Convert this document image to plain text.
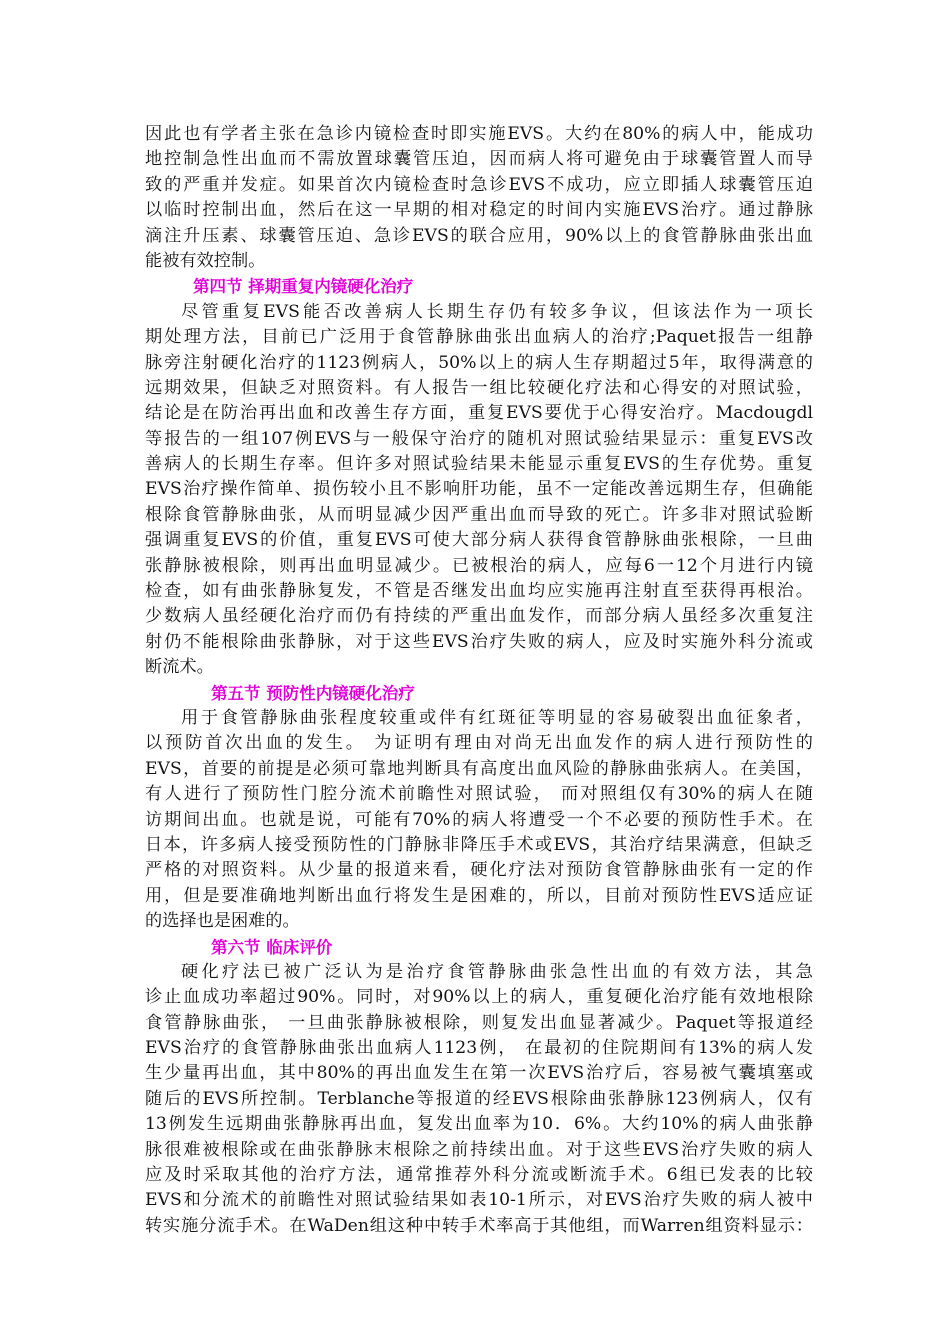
因此也有学者主张在急诊内镜检查时即实施EVS。大约在80%的病人中，能成功
地控制急性出血而不需放置球囊管压迫，因而病人将可避免由于球囊管置人而导
致的严重并发症。如果首次内镜检查时急诊EVS不成功，应立即插人球囊管压迫
以临时控制出血，然后在这一早期的相对稳定的时间内实施EVS治疗。通过静脉
滴注升压素、球囊管压迫、急诊EVS的联合应用，90%以上的食管静脉曲张出血
能被有效控制。
第四节 择期重复内镜硬化治疗
尽管重复EVS能否改善病人长期生存仍有较多争议，但该法作为一项长
期处理方法，目前已广泛用于食管静脉曲张出血病人的治疗;Paquet报告一组静
脉旁注射硬化治疗的1123例病人，50%以上的病人生存期超过5年，取得满意的
远期效果，但缺乏对照资料。有人报告一组比较硬化疗法和心得安的对照试验，
结论是在防治再出血和改善生存方面，重复EVS要优于心得安治疗。Macdougdl
等报告的一组107例EVS与一般保守治疗的随机对照试验结果显示：重复EVS改
善病人的长期生存率。但许多对照试验结果未能显示重复EVS的生存优势。重复
EVS治疗操作简单、损伤较小且不影响肝功能，虽不一定能改善远期生存，但确能
根除食管静脉曲张，从而明显减少因严重出血而导致的死亡。许多非对照试验断
强调重复EVS的价值，重复EVS可使大部分病人获得食管静脉曲张根除，一旦曲
张静脉被根除，则再出血明显减少。已被根治的病人，应每6一12个月进行内镜
检查，如有曲张静脉复发，不管是否继发出血均应实施再注射直至获得再根治。
少数病人虽经硬化治疗而仍有持续的严重出血发作，而部分病人虽经多次重复注
射仍不能根除曲张静脉，对于这些EVS治疗失败的病人，应及时实施外科分流或
断流术。
第五节 预防性内镜硬化治疗
用于食管静脉曲张程度较重或伴有红斑征等明显的容易破裂出血征象者，
以预防首次出血的发生。 为证明有理由对尚无出血发作的病人进行预防性的
EVS，首要的前提是必须可靠地判断具有高度出血风险的静脉曲张病人。在美国，
有人进行了预防性门腔分流术前瞻性对照试验， 而对照组仅有30%的病人在随
访期间出血。也就是说，可能有70%的病人将遭受一个不必要的预防性手术。在
日本，许多病人接受预防性的门静脉非降压手术或EVS，其治疗结果满意，但缺乏
严格的对照资料。从少量的报道来看，硬化疗法对预防食管静脉曲张有一定的作
用，但是要准确地判断出血行将发生是困难的，所以，目前对预防性EVS适应证
的选择也是困难的。
第六节 临床评价
硬化疗法已被广泛认为是治疗食管静脉曲张急性出血的有效方法，其急
诊止血成功率超过90%。同时，对90%以上的病人，重复硬化治疗能有效地根除
食管静脉曲张， 一旦曲张静脉被根除，则复发出血显著减少。Paquet等报道经
EVS治疗的食管静脉曲张出血病人1123例， 在最初的住院期间有13%的病人发
生少量再出血，其中80%的再出血发生在第一次EVS治疗后，容易被气囊填塞或
随后的EVS所控制。Terblanche等报道的经EVS根除曲张静脉123例病人，仅有
13例发生远期曲张静脉再出血，复发出血率为10．6%。大约10%的病人曲张静
脉很难被根除或在曲张静脉末根除之前持续出血。对于这些EVS治疗失败的病人
应及时采取其他的治疗方法，通常推荐外科分流或断流手术。6组已发表的比较
EVS和分流术的前瞻性对照试验结果如表10-1所示，对EVS治疗失败的病人被中
转实施分流手术。在WaDen组这种中转手术率高于其他组，而Warren组资料显示：
